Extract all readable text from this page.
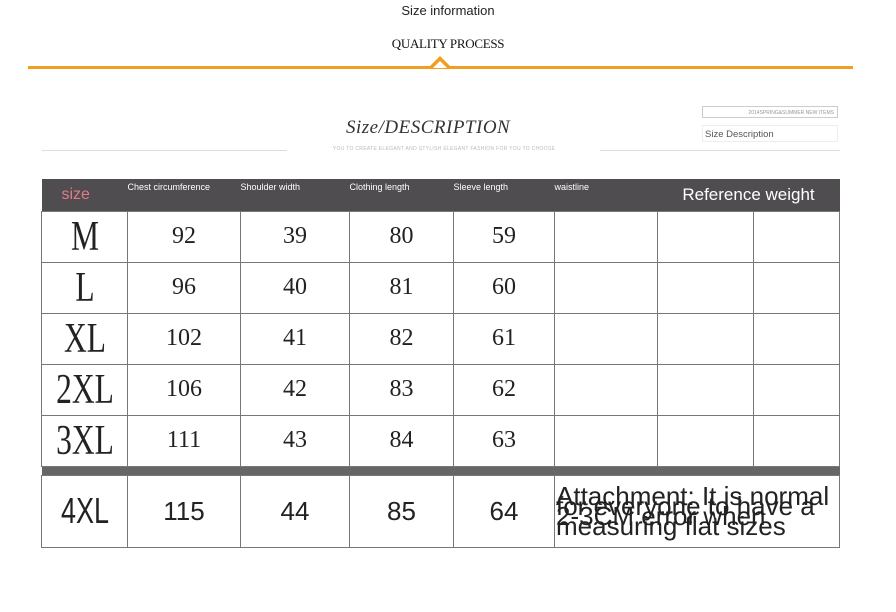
Size information
QUALITY PROCESS
Size/DESCRIPTION
YOU TO CREATE ELEGANT AND STYLISH ELEGANT FASHION FOR YOU TO CHOOSE
2014SPRING&SUMMER NEW ITEMS
Size Description
size	Chest circumference	Shoulder width	Clothing length	Sleeve length	waistline	Reference weight	
M	92	39	80	59			
L	96	40	81	60			
XL	102	41	82	61			
2XL	106	42	83	62			
3XL	111	43	84	63			

4XL	115	44	85	64	Attachment: It is normal for everyone to have a 2-3CM error when measuring flat sizes		
